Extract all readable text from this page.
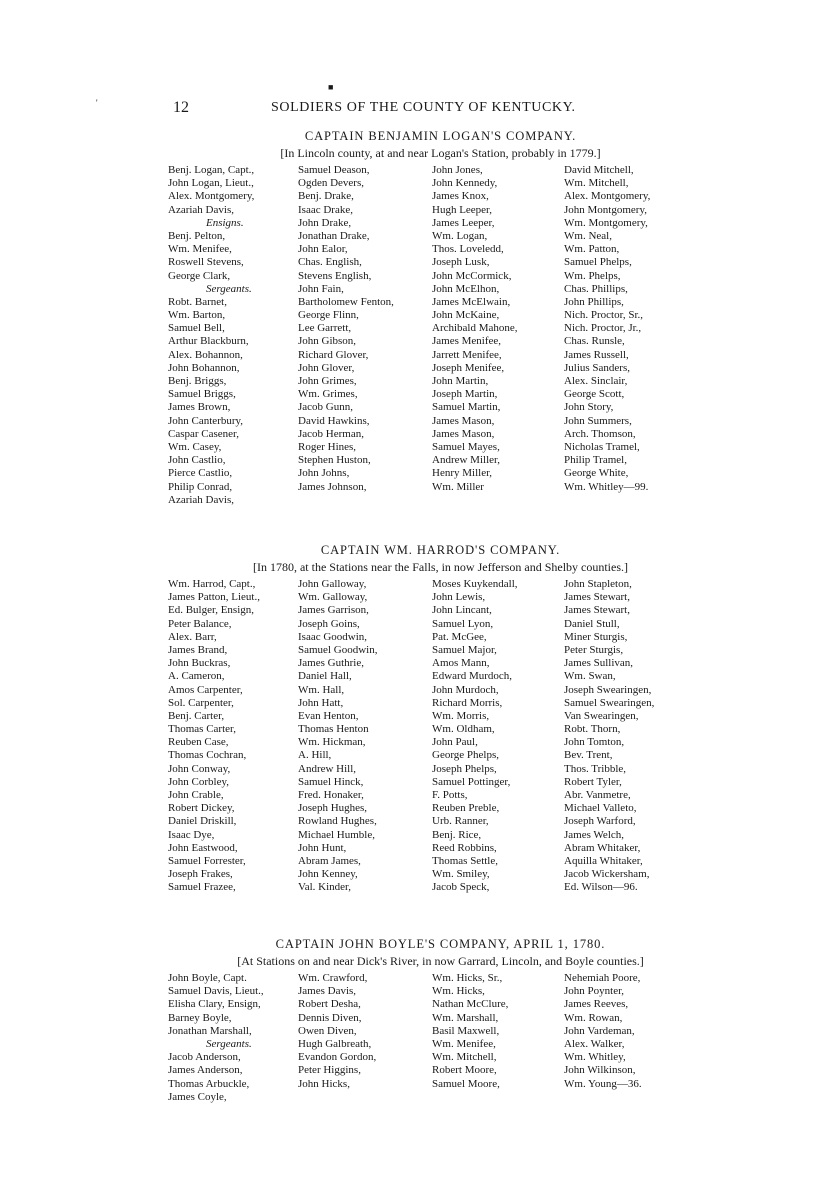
■
'	12	SOLDIERS OF THE COUNTY OF KENTUCKY.
CAPTAIN BENJAMIN LOGAN'S COMPANY.
[In Lincoln county, at and near Logan's Station, probably in 1779.]
Benj. Logan, Capt.,
John Logan, Lieut.,
Alex. Montgomery,
Azariah Davis,
Ensigns.
Benj. Pelton,
Wm. Menifee,
Roswell Stevens,
George Clark,
Sergeants.
Robt. Barnet,
Wm. Barton,
Samuel Bell,
Arthur Blackburn,
Alex. Bohannon,
John Bohannon,
Benj. Briggs,
Samuel Briggs,
James Brown,
John Canterbury,
Caspar Casener,
Wm. Casey,
John Castlio,
Pierce Castlio,
Philip Conrad,
Azariah Davis,
Samuel Deason,
Ogden Devers,
Benj. Drake,
Isaac Drake,
John Drake,
Jonathan Drake,
John Ealor,
Chas. English,
Stevens English,
John Fain,
Bartholomew Fenton,
George Flinn,
Lee Garrett,
John Gibson,
Richard Glover,
John Glover,
John Grimes,
Wm. Grimes,
Jacob Gunn,
David Hawkins,
Jacob Herman,
Roger Hines,
Stephen Huston,
John Johns,
James Johnson,
John Jones,
John Kennedy,
James Knox,
Hugh Leeper,
James Leeper,
Wm. Logan,
Thos. Loveledd,
Joseph Lusk,
John McCormick,
John McElhon,
James McElwain,
John McKaine,
Archibald Mahone,
James Menifee,
Jarrett Menifee,
Joseph Menifee,
John Martin,
Joseph Martin,
Samuel Martin,
James Mason,
James Mason,
Samuel Mayes,
Andrew Miller,
Henry Miller,
Wm. Miller
David Mitchell,
Wm. Mitchell,
Alex. Montgomery,
John Montgomery,
Wm. Montgomery,
Wm. Neal,
Wm. Patton,
Samuel Phelps,
Wm. Phelps,
Chas. Phillips,
John Phillips,
Nich. Proctor, Sr.,
Nich. Proctor, Jr.,
Chas. Runsle,
James Russell,
Julius Sanders,
Alex. Sinclair,
George Scott,
John Story,
John Summers,
Arch. Thomson,
Nicholas Tramel,
Philip Tramel,
George White,
Wm. Whitley—99.
CAPTAIN WM. HARROD'S COMPANY.
[In 1780, at the Stations near the Falls, in now Jefferson and Shelby counties.]
Wm. Harrod, Capt.,
James Patton, Lieut.,
Ed. Bulger, Ensign,
Peter Balance,
Alex. Barr,
James Brand,
John Buckras,
A. Cameron,
Amos Carpenter,
Sol. Carpenter,
Benj. Carter,
Thomas Carter,
Reuben Case,
Thomas Cochran,
John Conway,
John Corbley,
John Crable,
Robert Dickey,
Daniel Driskill,
Isaac Dye,
John Eastwood,
Samuel Forrester,
Joseph Frakes,
Samuel Frazee,
John Galloway,
Wm. Galloway,
James Garrison,
Joseph Goins,
Isaac Goodwin,
Samuel Goodwin,
James Guthrie,
Daniel Hall,
Wm. Hall,
John Hatt,
Evan Henton,
Thomas Henton
Wm. Hickman,
A. Hill,
Andrew Hill,
Samuel Hinck,
Fred. Honaker,
Joseph Hughes,
Rowland Hughes,
Michael Humble,
John Hunt,
Abram James,
John Kenney,
Val. Kinder,
Moses Kuykendall,
John Lewis,
John Lincant,
Samuel Lyon,
Pat. McGee,
Samuel Major,
Amos Mann,
Edward Murdoch,
John Murdoch,
Richard Morris,
Wm. Morris,
Wm. Oldham,
John Paul,
George Phelps,
Joseph Phelps,
Samuel Pottinger,
F. Potts,
Reuben Preble,
Urb. Ranner,
Benj. Rice,
Reed Robbins,
Thomas Settle,
Wm. Smiley,
Jacob Speck,
John Stapleton,
James Stewart,
James Stewart,
Daniel Stull,
Miner Sturgis,
Peter Sturgis,
James Sullivan,
Wm. Swan,
Joseph Swearingen,
Samuel Swearingen,
Van Swearingen,
Robt. Thorn,
John Tomton,
Bev. Trent,
Thos. Tribble,
Robert Tyler,
Abr. Vanmetre,
Michael Valleto,
Joseph Warford,
James Welch,
Abram Whitaker,
Aquilla Whitaker,
Jacob Wickersham,
Ed. Wilson—96.
CAPTAIN JOHN BOYLE'S COMPANY, APRIL 1, 1780.
[At Stations on and near Dick's River, in now Garrard, Lincoln, and Boyle counties.]
John Boyle, Capt.
Samuel Davis, Lieut.,
Elisha Clary, Ensign,
Barney Boyle,
Jonathan Marshall,
Sergeants.
Jacob Anderson,
James Anderson,
Thomas Arbuckle,
James Coyle,
Wm. Crawford,
James Davis,
Robert Desha,
Dennis Diven,
Owen Diven,
Hugh Galbreath,
Evandon Gordon,
Peter Higgins,
John Hicks,
Wm. Hicks, Sr.,
Wm. Hicks,
Nathan McClure,
Wm. Marshall,
Basil Maxwell,
Wm. Menifee,
Wm. Mitchell,
Robert Moore,
Samuel Moore,
Nehemiah Poore,
John Poynter,
James Reeves,
Wm. Rowan,
John Vardeman,
Alex. Walker,
Wm. Whitley,
John Wilkinson,
Wm. Young—36.
